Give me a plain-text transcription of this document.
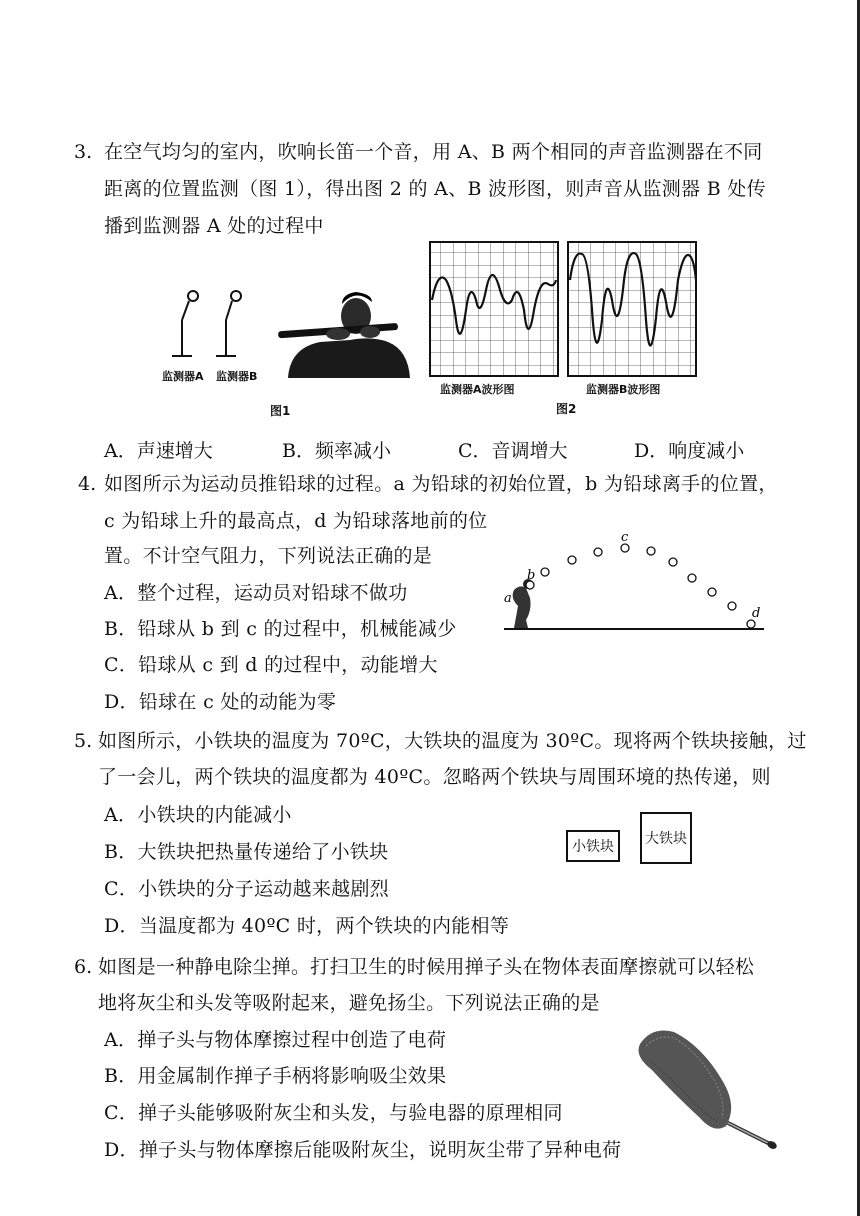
3. 在空气均匀的室内，吹响长笛一个音，用 A、B 两个相同的声音监测器在不同
距离的位置监测（图 1），得出图 2 的 A、B 波形图，则声音从监测器 B 处传
播到监测器 A 处的过程中
监测器A 监测器B
图1
监测器A波形图	监测器B波形图
图2
A．声速增大	B．频率减小	C．音调增大	D．响度减小
4. 如图所示为运动员推铅球的过程。a 为铅球的初始位置，b 为铅球离手的位置，
c 为铅球上升的最高点，d 为铅球落地前的位
置。不计空气阻力，下列说法正确的是
A．整个过程，运动员对铅球不做功
B．铅球从 b 到 c 的过程中，机械能减少
C．铅球从 c 到 d 的过程中，动能增大
D．铅球在 c 处的动能为零
a
b
c
d
5. 如图所示，小铁块的温度为 70ºC，大铁块的温度为 30ºC。现将两个铁块接触，过
了一会儿，两个铁块的温度都为 40ºC。忽略两个铁块与周围环境的热传递，则
A．小铁块的内能减小
B．大铁块把热量传递给了小铁块
C．小铁块的分子运动越来越剧烈
D．当温度都为 40ºC 时，两个铁块的内能相等
小铁块	大铁块
6. 如图是一种静电除尘掸。打扫卫生的时候用掸子头在物体表面摩擦就可以轻松
地将灰尘和头发等吸附起来，避免扬尘。下列说法正确的是
A．掸子头与物体摩擦过程中创造了电荷
B．用金属制作掸子手柄将影响吸尘效果
C．掸子头能够吸附灰尘和头发，与验电器的原理相同
D．掸子头与物体摩擦后能吸附灰尘，说明灰尘带了异种电荷
